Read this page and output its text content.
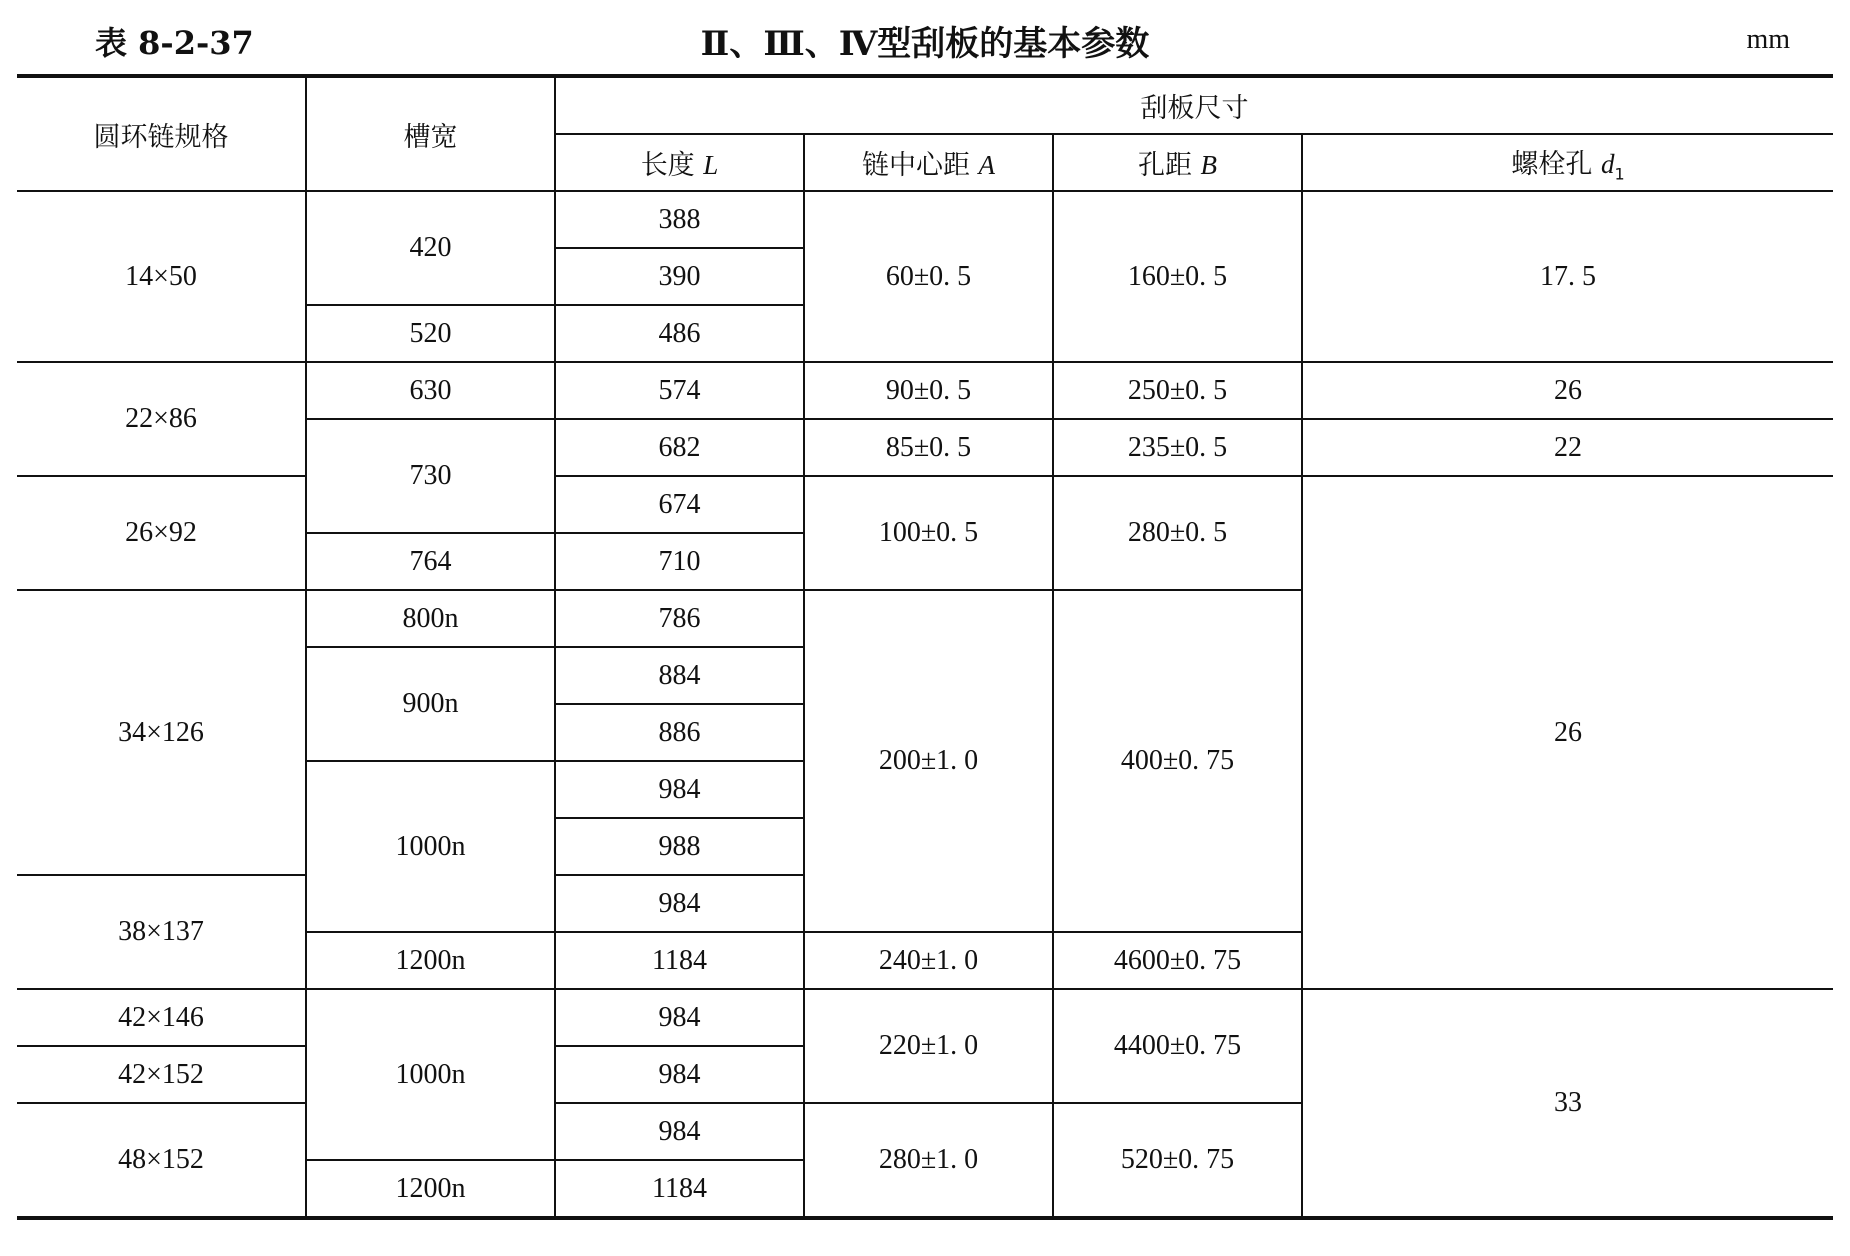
表 8-2-37	Ⅱ、Ⅲ、Ⅳ型刮板的基本参数	mm
圆环链规格	槽宽	刮板尺寸			
		长度 L	链中心距 A	孔距 B	螺栓孔 $d_1$
14×50	420	388	60±0. 5	160±0. 5	17. 5
		390			
	520	486			
22×86	630	574	90±0. 5	250±0. 5	26
	730	682	85±0. 5	235±0. 5	22
26×92		674	100±0. 5	280±0. 5	26
	764	710			
34×126	800n	786	200±1. 0	400±0. 75	
	900n	884			
		886			
	1000n	984			
		988			
38×137		984			
	1200n	1184	240±1. 0	4600±0. 75	
42×146	1000n	984	220±1. 0	4400±0. 75	33
42×152		984			
48×152		984	280±1. 0	520±0. 75	
	1200n	1184			
